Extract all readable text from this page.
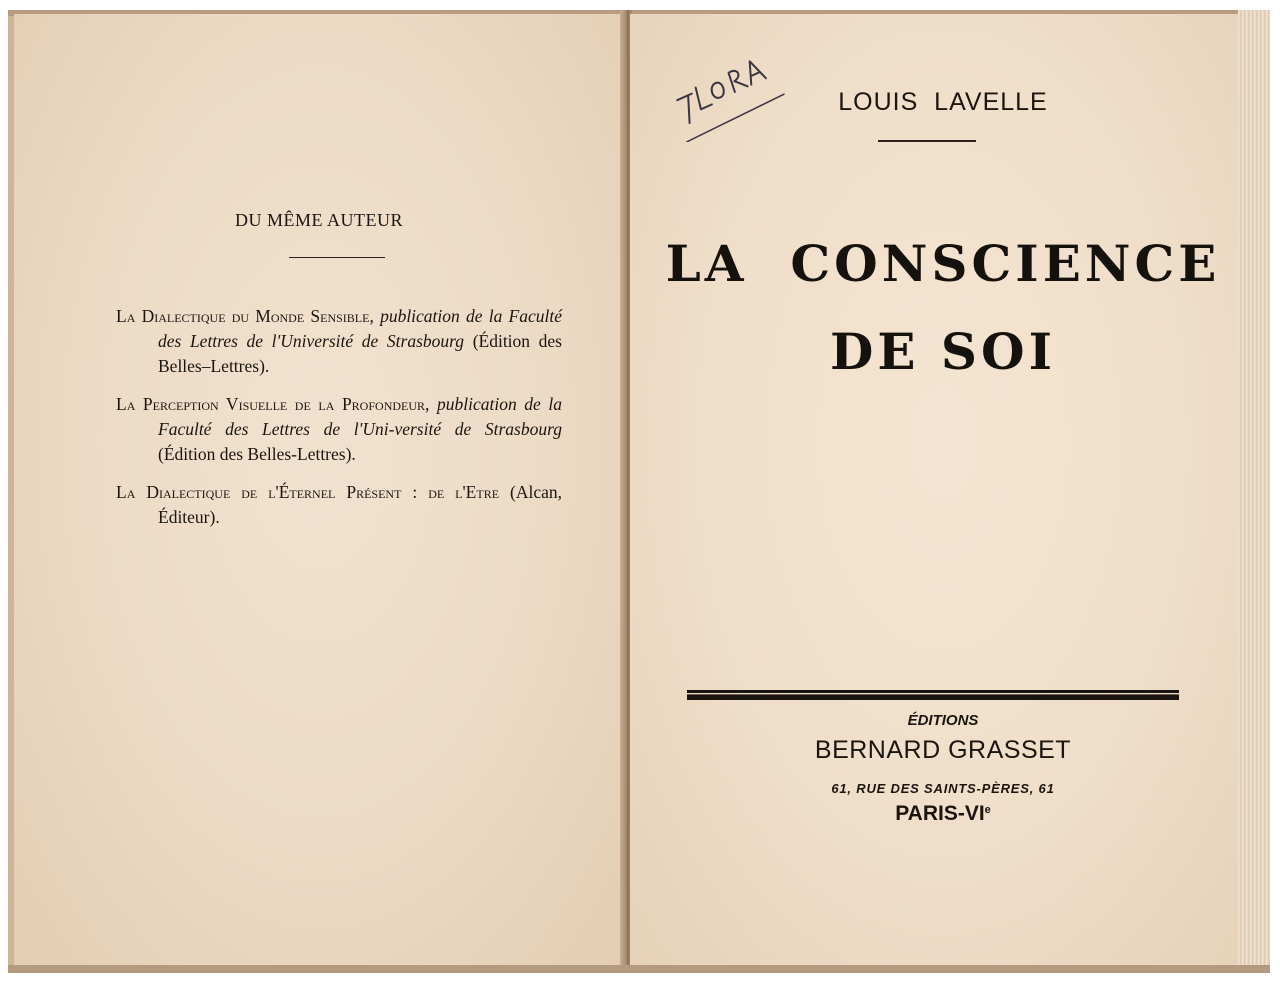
DU MÊME AUTEUR
La Dialectique du Monde Sensible, publication de la Faculté des Lettres de l'Université de Strasbourg (Édition des Belles–Lettres).
La Perception Visuelle de la Profondeur, publication de la Faculté des Lettres de l'Uni-versité de Strasbourg (Édition des Belles-Lettres).
La Dialectique de l'Éternel Présent : de l'Etre (Alcan, Éditeur).
LOUIS  LAVELLE
LA  CONSCIENCE
DE SOI
ÉDITIONS
BERNARD GRASSET
61, RUE DES SAINTS-PÈRES, 61
PARIS-VIe
